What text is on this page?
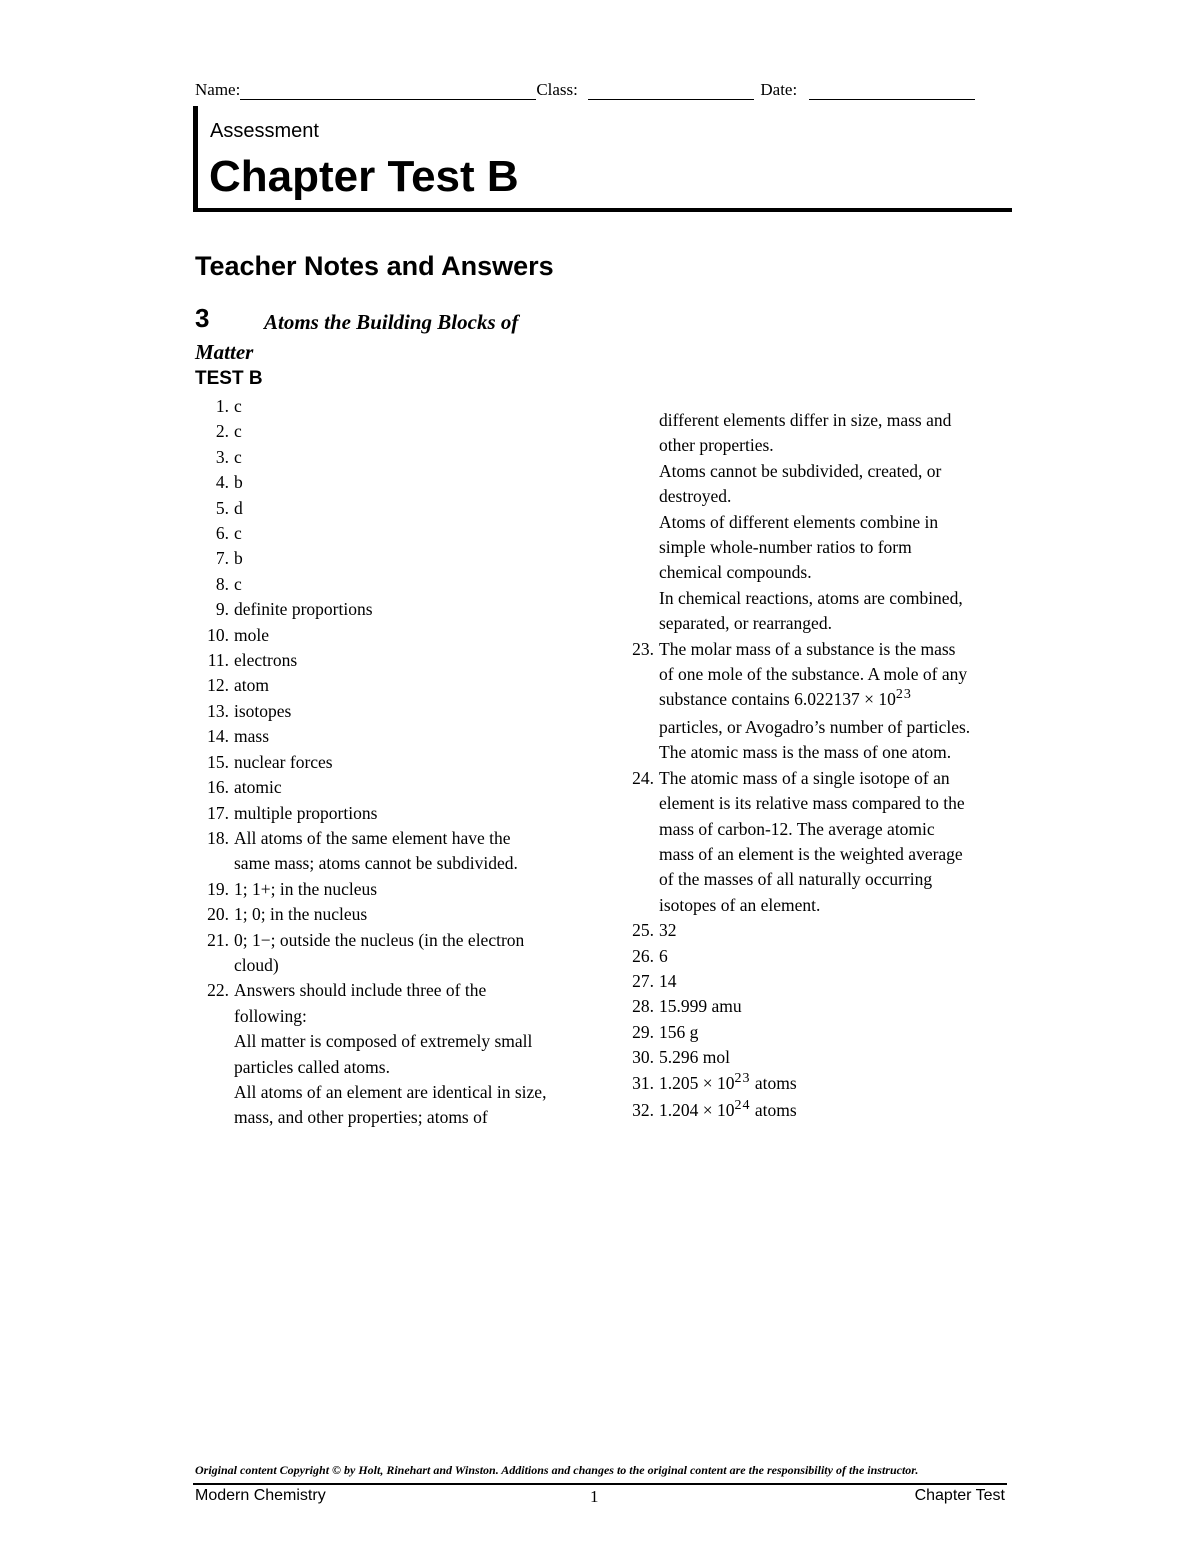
Name:	Class:	Date:
Assessment
Chapter Test B
Teacher Notes and Answers
3	Atoms the Building Blocks of
Matter
TEST B
1. c
2. c
3. c
4. b
5. d
6. c
7. b
8. c
9. definite proportions
10. mole
11. electrons
12. atom
13. isotopes
14. mass
15. nuclear forces
16. atomic
17. multiple proportions
18. All atoms of the same element have the
same mass; atoms cannot be subdivided.
19. 1; 1+; in the nucleus
20. 1; 0; in the nucleus
21. 0; 1−; outside the nucleus (in the electron
cloud)
22. Answers should include three of the
following:
All matter is composed of extremely small
particles called atoms.
All atoms of an element are identical in size,
mass, and other properties; atoms of
different elements differ in size, mass and
other properties.
Atoms cannot be subdivided, created, or
destroyed.
Atoms of different elements combine in
simple whole-number ratios to form
chemical compounds.
In chemical reactions, atoms are combined,
separated, or rearranged.
23. The molar mass of a substance is the mass
of one mole of the substance. A mole of any
substance contains $6.022137 \times 10^{23}$
particles, or Avogadro’s number of particles.
The atomic mass is the mass of one atom.
24. The atomic mass of a single isotope of an
element is its relative mass compared to the
mass of carbon-12. The average atomic
mass of an element is the weighted average
of the masses of all naturally occurring
isotopes of an element.
25. 32
26. 6
27. 14
28. 15.999 amu
29. 156 g
30. 5.296 mol
31. $1.205 \times 10^{23}$ atoms
32. $1.204 \times 10^{24}$ atoms
Original content Copyright © by Holt, Rinehart and Winston. Additions and changes to the original content are the responsibility of the instructor.
Modern Chemistry	1	Chapter Test
